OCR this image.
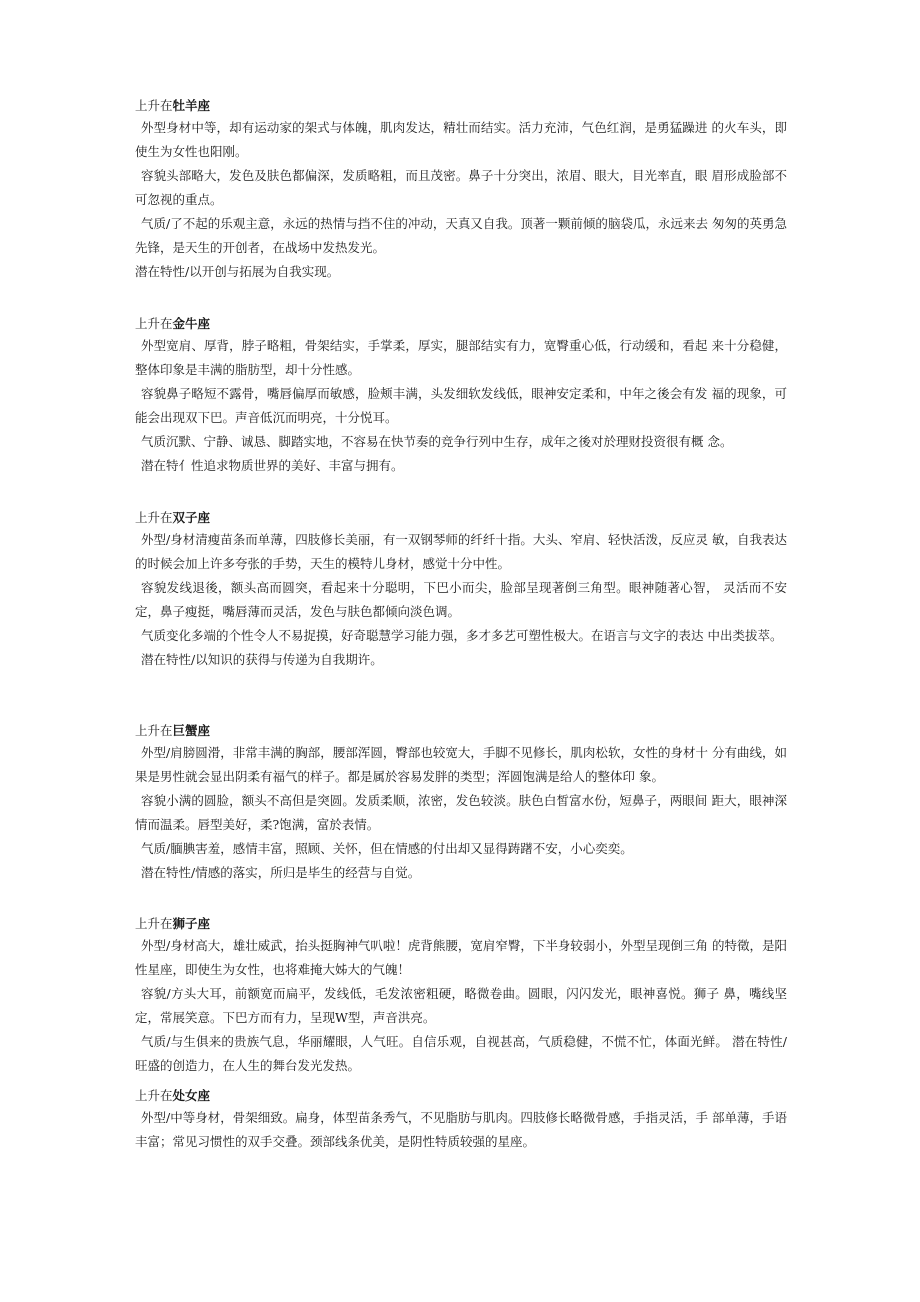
上升在牡羊座
外型身材中等，却有运动家的架式与体魄，肌肉发达，精壮而结实。活力充沛，气色红润，是勇猛躁进 的火车头，即使生为女性也阳刚。
容貌头部略大，发色及肤色都偏深，发质略粗，而且茂密。鼻子十分突出，浓眉、眼大，目光率直，眼 眉形成脸部不可忽视的重点。
气质/了不起的乐观主意，永远的热情与挡不住的冲动，天真又自我。顶著一颗前倾的脑袋瓜，永远来去 匆匆的英勇急先锋，是天生的开创者，在战场中发热发光。
潜在特性/以开创与拓展为自我实现。
上升在金牛座
外型宽肩、厚背，脖子略粗，骨架结实，手掌柔，厚实，腿部结实有力，宽臀重心低，行动缓和，看起 来十分稳健，整体印象是丰满的脂肪型，却十分性感。
容貌鼻子略短不露骨，嘴唇偏厚而敏感，脸颊丰满，头发细软发线低，眼神安定柔和，中年之後会有发 福的现象，可能会出现双下巴。声音低沉而明亮，十分悦耳。
气质沉默、宁静、诚恳、脚踏实地，不容易在快节奏的竞争行列中生存，成年之後对於理财投资很有概 念。
潜在特亻性追求物质世界的美好、丰富与拥有。
上升在双子座
外型/身材清瘦苗条而单薄，四肢修长美丽，有一双钢琴师的纤纤十指。大头、窄肩、轻快活泼，反应灵 敏，自我表达的时候会加上许多夸张的手势，天生的模特儿身材，感觉十分中性。
容貌发线退後，额头高而圆突，看起来十分聪明，下巴小而尖，脸部呈现著倒三角型。眼神随著心智， 灵活而不安定，鼻子瘦挺，嘴唇薄而灵活，发色与肤色都倾向淡色调。
气质变化多端的个性令人不易捉摸，好奇聪慧学习能力强，多才多艺可塑性极大。在语言与文字的表达 中出类拔萃。
潜在特性/以知识的获得与传递为自我期许。
上升在巨蟹座
外型/肩膀圆滑，非常丰满的胸部，腰部浑圆，臀部也较宽大，手脚不见修长，肌肉松软，女性的身材十 分有曲线，如果是男性就会显出阴柔有福气的样子。都是属於容易发胖的类型；浑圆饱满是给人的整体印 象。
容貌小满的圆脸，额头不高但是突圆。发质柔顺，浓密，发色较淡。肤色白皙富水份，短鼻子，两眼间 距大，眼神深情而温柔。唇型美好，柔?饱满，富於表情。
气质/腼腆害羞，感情丰富，照顾、关怀，但在情感的付出却又显得踌躇不安，小心奕奕。
潜在特性/情感的落实，所归是毕生的经营与自觉。
上升在狮子座
外型/身材高大，雄壮威武，抬头挺胸神气叭啦！虎背熊腰，宽肩窄臀，下半身较弱小，外型呈现倒三角 的特徵，是阳性星座，即使生为女性，也将难掩大姊大的气魄！
容貌/方头大耳，前额宽而扁平，发线低，毛发浓密粗硬，略微卷曲。圆眼，闪闪发光，眼神喜悦。狮子 鼻，嘴线坚定，常展笑意。下巴方而有力，呈现W型，声音洪亮。
气质/与生俱来的贵族气息，华丽耀眼，人气旺。自信乐观，自视甚高，气质稳健，不慌不忙，体面光鲜。 潜在特性/旺盛的创造力，在人生的舞台发光发热。
上升在处女座
外型/中等身材，骨架细致。扁身，体型苗条秀气，不见脂肪与肌肉。四肢修长略微骨感，手指灵活，手 部单薄，手语丰富；常见习惯性的双手交叠。颈部线条优美，是阴性特质较强的星座。
